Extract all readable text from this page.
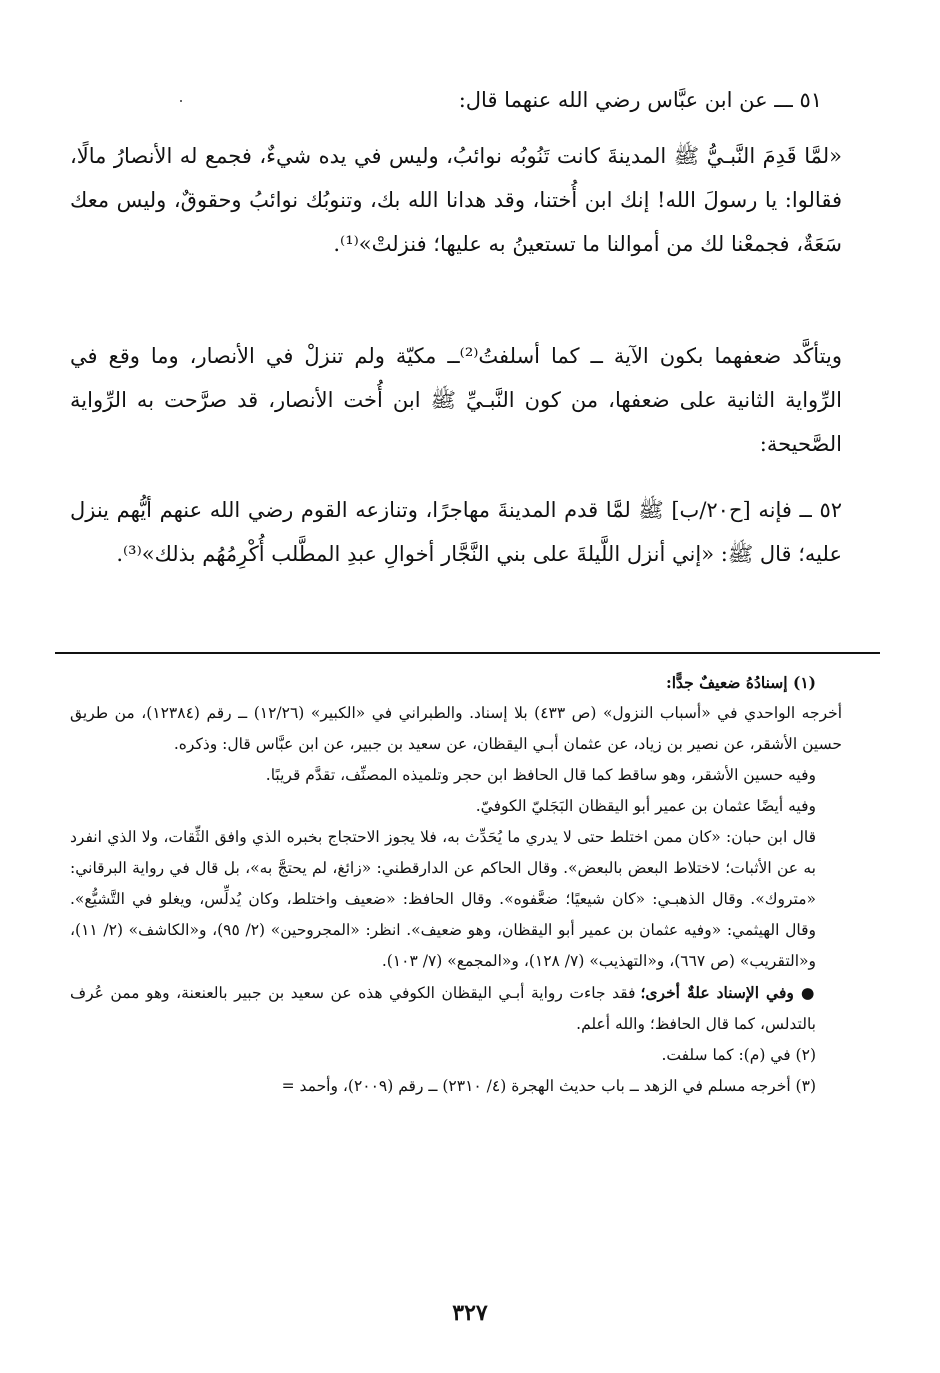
٥١ ـــ عن ابن عبَّاس رضي الله عنهما قال:

«لمَّا قَدِمَ النَّبـيُّ ﷺ المدينةَ كانت تَنُوبُه نوائبُ، وليس في يده شيءٌ، فجمع له الأنصارُ مالًا، فقالوا: يا رسولَ الله! إنك ابن أُختنا، وقد هدانا الله بك، وتنوبُك نوائبُ وحقوقٌ، وليس معك سَعَةٌ، فجمعْنا لك من أموالنا ما تستعينُ به عليها؛ فنزلتْ»⁽¹⁾.

ويتأكَّد ضعفهما بكون الآية ــ كما أسلفتُ⁽²⁾ــ مكيّة ولم تنزلْ في الأنصار، وما وقع في الرِّواية الثانية على ضعفها، من كون النَّبـيِّ ﷺ ابن أُخت الأنصار، قد صرَّحت به الرِّواية الصَّحيحة:

٥٢ ــ فإنه [ح٢٠/ب] ﷺ لمَّا قدم المدينةَ مهاجرًا، وتنازعه القوم رضي الله عنهم أيُّهم ينزل عليه؛ قال ﷺ: «إني أنزل اللَّيلةَ على بني النَّجَّار أخوالِ عبدِ المطَّلب أُكْرِمُهُم بذلك»⁽³⁾.

(١) إسنادُهُ ضعيفٌ جدًّا:

أخرجه الواحدي في «أسباب النزول» (ص ٤٣٣) بلا إسناد. والطبراني في «الكبير» (١٢/٢٦) ــ رقم (١٢٣٨٤)، من طريق حسين الأشقر، عن نصير بن زياد، عن عثمان أبـي اليقظان، عن سعيد بن جبير، عن ابن عبَّاس قال: وذكره.

وفيه حسين الأشقر، وهو ساقط كما قال الحافظ ابن حجر وتلميذه المصنِّف، تقدَّم قريبًا.

وفيه أيضًا عثمان بن عمير أبو اليقظان البَجَليّ الكوفيّ.

قال ابن حبان: «كان ممن اختلط حتى لا يدري ما يُحَدِّث به، فلا يجوز الاحتجاج بخبره الذي وافق الثِّقات، ولا الذي انفرد به عن الأثبات؛ لاختلاط البعض بالبعض». وقال الحاكم عن الدارقطني: «زائغ، لم يحتجَّ به»، بل قال في رواية البرقاني: «متروك». وقال الذهبـي: «كان شيعيًا؛ ضعَّفوه». وقال الحافظ: «ضعيف واختلط، وكان يُدلِّس، ويغلو في التَّشيُّع». وقال الهيثمي: «وفيه عثمان بن عمير أبو اليقظان، وهو ضعيف». انظر: «المجروحين» (٢/ ٩٥)، و«الكاشف» (٢/ ١١)، و«التقريب» (ص ٦٦٧)، و«التهذيب» (٧/ ١٢٨)، و«المجمع» (٧/ ١٠٣).

● وفي الإسناد علةٌ أخرى؛ فقد جاءت رواية أبـي اليقظان الكوفي هذه عن سعيد بن جبير بالعنعنة، وهو ممن عُرف بالتدلس، كما قال الحافظ؛ والله أعلم.

(٢) في (م): كما سلفت.

(٣) أخرجه مسلم في الزهد ــ باب حديث الهجرة (٤/ ٢٣١٠) ــ رقم (٢٠٠٩)، وأحمد =

٣٢٧
